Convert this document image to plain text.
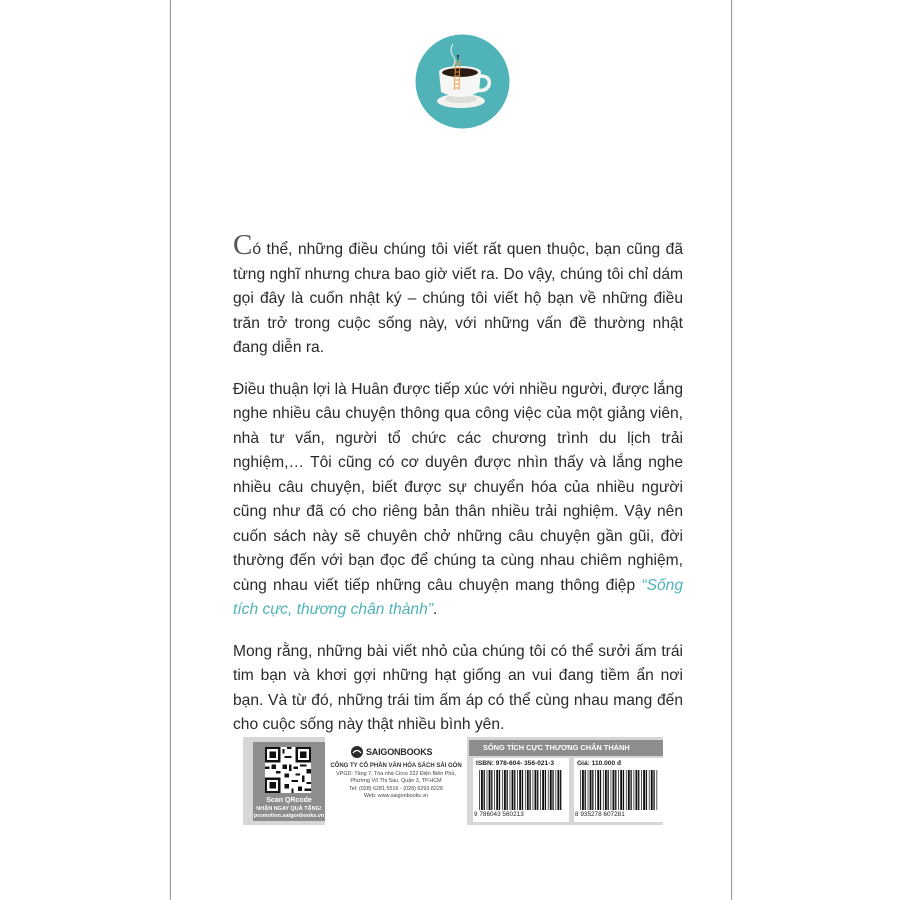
Có thể, những điều chúng tôi viết rất quen thuộc, bạn cũng đã từng nghĩ nhưng chưa bao giờ viết ra. Do vậy, chúng tôi chỉ dám gọi đây là cuốn nhật ký – chúng tôi viết hộ bạn về những điều trăn trở trong cuộc sống này, với những vấn đề thường nhật đang diễn ra.

Điều thuận lợi là Huân được tiếp xúc với nhiều người, được lắng nghe nhiều câu chuyện thông qua công việc của một giảng viên, nhà tư vấn, người tổ chức các chương trình du lịch trải nghiệm,… Tôi cũng có cơ duyên được nhìn thấy và lắng nghe nhiều câu chuyện, biết được sự chuyển hóa của nhiều người cũng như đã có cho riêng bản thân nhiều trải nghiệm. Vậy nên cuốn sách này sẽ chuyên chở những câu chuyện gần gũi, đời thường đến với bạn đọc để chúng ta cùng nhau chiêm nghiệm, cùng nhau viết tiếp những câu chuyện mang thông điệp “Sống tích cực, thương chân thành”.

Mong rằng, những bài viết nhỏ của chúng tôi có thể sưởi ấm trái tim bạn và khơi gợi những hạt giống an vui đang tiềm ẩn nơi bạn. Và từ đó, những trái tim ấm áp có thể cùng nhau mang đến cho cuộc sống này thật nhiều bình yên.

Scan QRcode
NHẬN NGAY QUÀ TẶNG!
promotion.saigonbooks.vn
SAIGONBOOKS
CÔNG TY CỔ PHẦN VĂN HÓA SÁCH SÀI GÒN
VPGD: Tầng 7, Tòa nhà Circo 222 Điện Biên Phủ,
Phường Võ Thị Sáu, Quận 3, TP.HCM
Tel: (028) 6281.5516 - (028) 6293.8228
Web: www.saigonbooks.vn
SỐNG TÍCH CỰC THƯƠNG CHÂN THÀNH
ISBN: 978-604- 356-021-3
9 786043 560213
Giá: 110.000 đ
8 935278 607281
